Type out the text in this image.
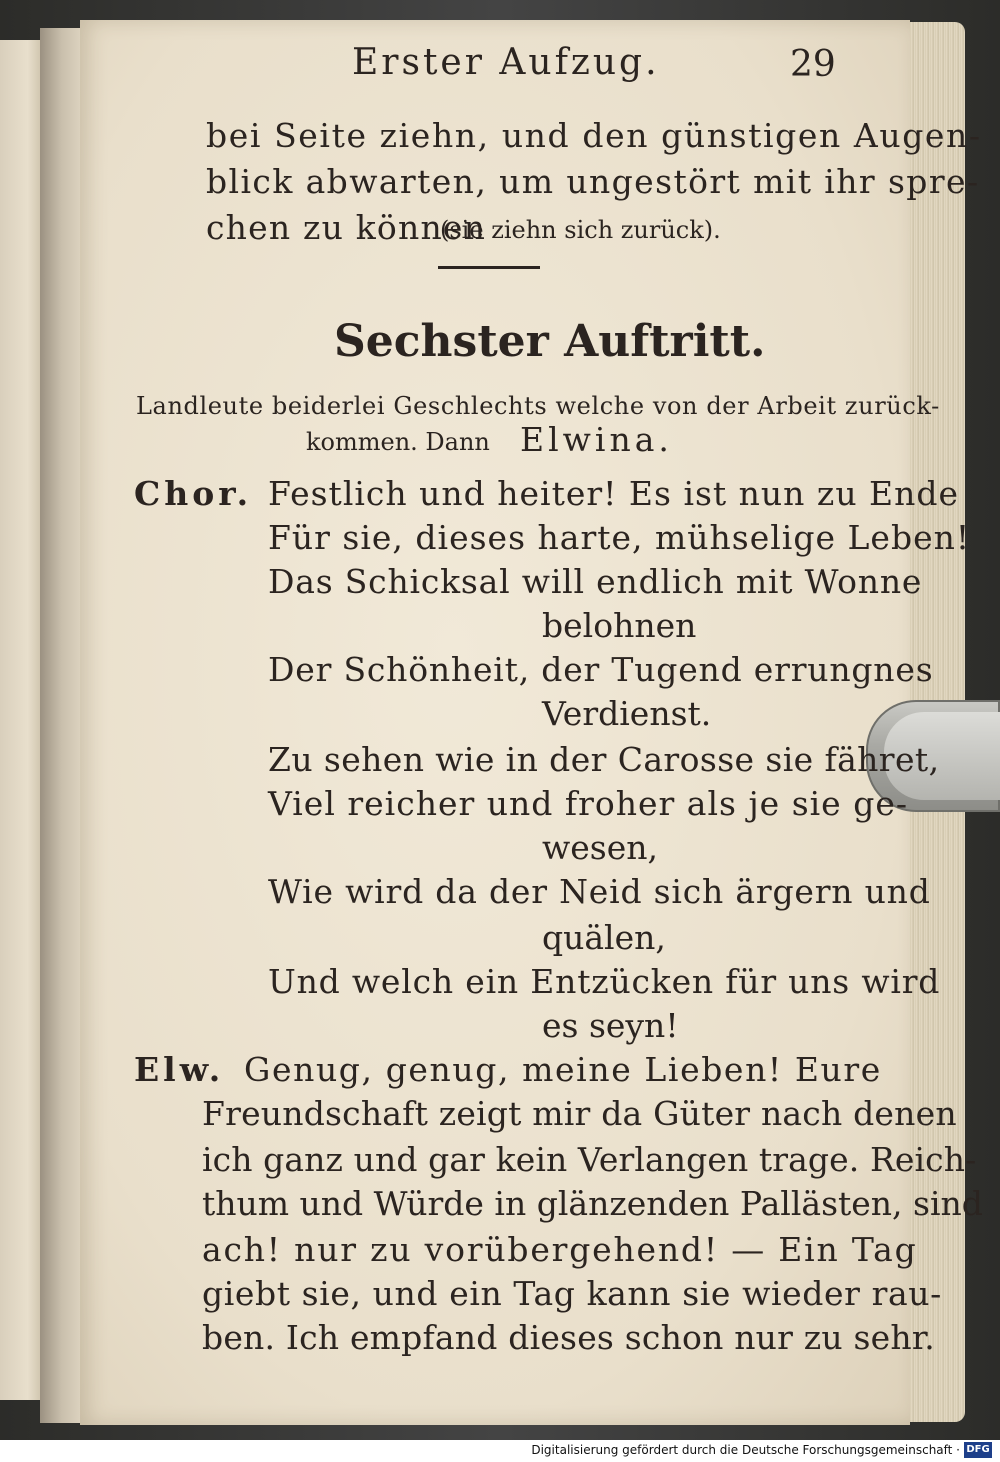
Erster Aufzug.	29
bei Seite ziehn, und den günstigen Augen-
blick abwarten, um ungestört mit ihr spre-
chen zu können
(sie ziehn sich zurück).
Sechster Auftritt.
Landleute beiderlei Geschlechts welche von der Arbeit zurück-
kommen. Dann Elwina.
Chor. Festlich und heiter! Es ist nun zu Ende
Für sie, dieses harte, mühselige Leben!
Das Schicksal will endlich mit Wonne
belohnen
Der Schönheit, der Tugend errungnes
Verdienst.
Zu sehen wie in der Carosse sie fähret,
Viel reicher und froher als je sie ge-
wesen,
Wie wird da der Neid sich ärgern und
quälen,
Und welch ein Entzücken für uns wird
es seyn!
Elw. Genug, genug, meine Lieben! Eure
Freundschaft zeigt mir da Güter nach denen
ich ganz und gar kein Verlangen trage. Reich-
thum und Würde in glänzenden Pallästen, sind
ach! nur zu vorübergehend! — Ein Tag
giebt sie, und ein Tag kann sie wieder rau-
ben. Ich empfand dieses schon nur zu sehr.
Digitalisierung gefördert durch die Deutsche Forschungsgemeinschaft · DFG
